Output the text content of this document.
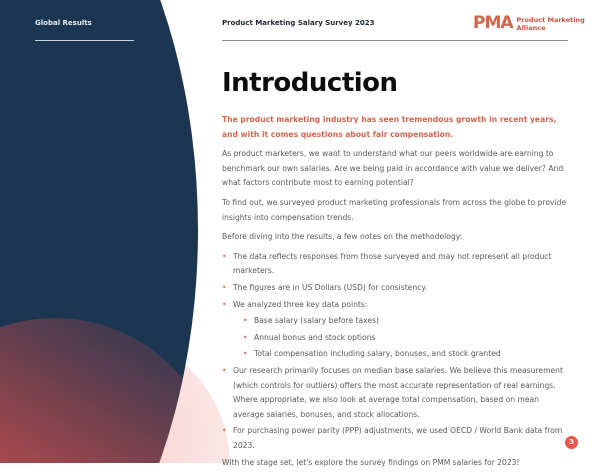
Global Results	Product Marketing Salary Survey 2023	PMA Product Marketing
Alliance
Introduction

The product marketing industry has seen tremendous growth in recent years, and with it comes questions about fair compensation.

As product marketers, we want to understand what our peers worldwide are earning to benchmark our own salaries. Are we being paid in accordance with value we deliver? And what factors contribute most to earning potential?

To find out, we surveyed product marketing professionals from across the globe to provide insights into compensation trends.

Before diving into the results, a few notes on the methodology:

• The data reflects responses from those surveyed and may not represent all product marketers.
• The figures are in US Dollars (USD) for consistency.
• We analyzed three key data points:
• Base salary (salary before taxes)
• Annual bonus and stock options
• Total compensation including salary, bonuses, and stock granted
• Our research primarily focuses on median base salaries. We believe this measurement (which controls for outliers) offers the most accurate representation of real earnings. Where appropriate, we also look at average total compensation, based on mean average salaries, bonuses, and stock allocations.
• For purchasing power parity (PPP) adjustments, we used OECD / World Bank data from 2023.

With the stage set, let's explore the survey findings on PMM salaries for 2023!

3
